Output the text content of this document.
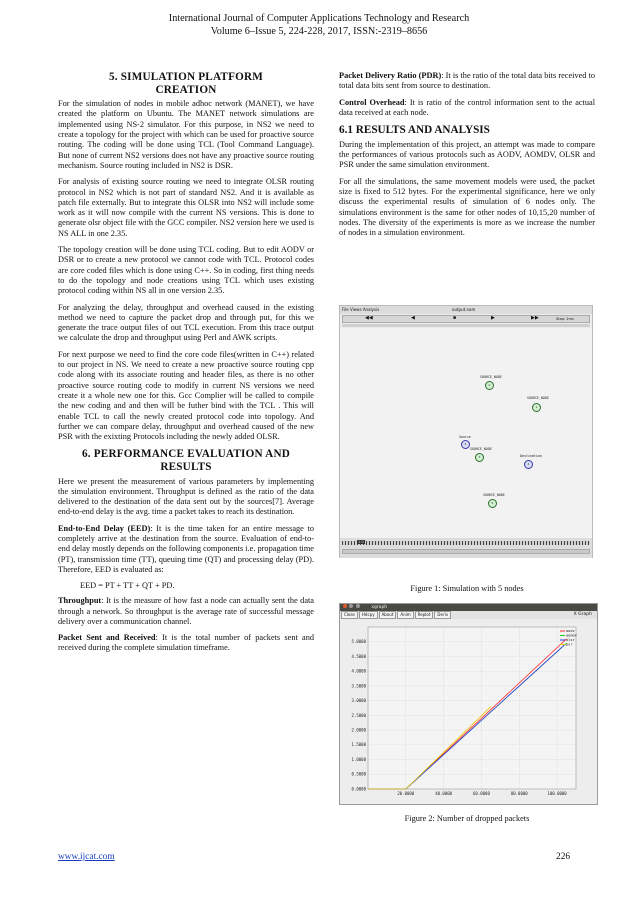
International Journal of Computer Applications Technology and Research
Volume 6–Issue 5, 224-228, 2017, ISSN:-2319–8656
5. SIMULATION PLATFORM CREATION

For the simulation of nodes in mobile adhoc network (MANET), we have created the platform on Ubuntu. The MANET network simulations are implemented using NS-2 simulator. For this purpose, in NS2 we need to create a topology for the project with which can be used for proactive source routing. The coding will be done using TCL (Tool Command Language). But none of current NS2 versions does not have any proactive source routing mechanism. Source routing included in NS2 is DSR.

For analysis of existing source routing we need to integrate OLSR routing protocol in NS2 which is not part of standard NS2. And it is available as patch file externally. But to integrate this OLSR into NS2 will include some work as it will now compile with the current NS versions. This is done to generate olsr object file with the GCC compiler. NS2 version here we used is NS ALL in one 2.35.

The topology creation will be done using TCL coding. But to edit AODV or DSR or to create a new protocol we cannot code with TCL. Protocol codes are core coded files which is done using C++. So in coding, first thing needs to do the topology and node creations using TCL which uses existing protocol coding within NS all in one version 2.35.

For analyzing the delay, throughput and overhead caused in the existing method we need to capture the packet drop and through put, for this we generate the trace output files of out TCL execution. From this trace output we calculate the drop and throughput using Perl and AWK scripts.

For next purpose we need to find the core code files(written in C++) related to our project in NS. We need to create a new proactive source routing cpp code along with its associate routing and header files, as there is no other proactive source routing code to modify in current NS versions we need create it a whole new one for this. Gcc Complier will be called to compile the new coding and and then will be futher bind with the TCL . This will enable TCL to call the newly created protocol code into topology. And further we can compare delay, throughput and overhead caused of the new PSR with the exixting Protocols including the newly added OLSR.

6. PERFORMANCE EVALUATION AND RESULTS

Here we present the measurement of various parameters by implementing the simulation environment. Throughput is defined as the ratio of the data delivered to the destination of the data sent out by the sources[7]. Average end-to-end delay is the avg. time a packet takes to reach its destination.

End-to-End Delay (EED): It is the time taken for an entire message to completely arrive at the destination from the source. Evaluation of end-to-end delay mostly depends on the following components i.e. propagation time (PT), transmission time (TT), queuing time (QT) and processing delay (PD). Therefore, EED is evaluated as:

EED = PT + TT + QT + PD.

Throughput: It is the measure of how fast a node can actually sent the data through a network. So throughput is the average rate of successful message delivery over a communication channel.

Packet Sent and Received: It is the total number of packets sent and received during the complete simulation timeframe.

Packet Delivery Ratio (PDR): It is the ratio of the total data bits received to total data bits sent from source to destination.

Control Overhead: It is ratio of the control information sent to the actual data received at each node.

6.1 RESULTS AND ANALYSIS

During the implementation of this project, an attempt was made to compare the performances of various protocols such as AODV, AOMDV, OLSR and PSR under the same simulation environment.

For all the simulations, the same movement models were used, the packet size is fixed to 512 bytes. For the experimental significance, here we only discuss the experimental results of simulation of 6 nodes only. The simulations environment is the same for other nodes of 10,15,20 number of nodes. The diversity of the experiments is more as we increase the number of nodes in a simulation environment.

File Views Analysis	output.nam
◀◀	◀	■	▶	▶▶	Step: 2ms
SOURCE_NODE
0
SOURCE_NODE
1
Source
2
SOURCE_NODE
3	Destination
4
SOURCE_NODE
5
1.0

Figure 1: Simulation with 5 nodes

xgraph
Close Hdcpy About Anim Replot Deriv	X Graph
0.0000
0.5000
1.0000
1.5000
2.0000
2.5000
3.0000
3.5000
4.0000
4.5000
5.0000
20.0000	40.0000	60.0000	80.0000	100.0000
aodv
aomdv
olsr
psr

Figure 2: Number of dropped packets

www.ijcat.com	226
